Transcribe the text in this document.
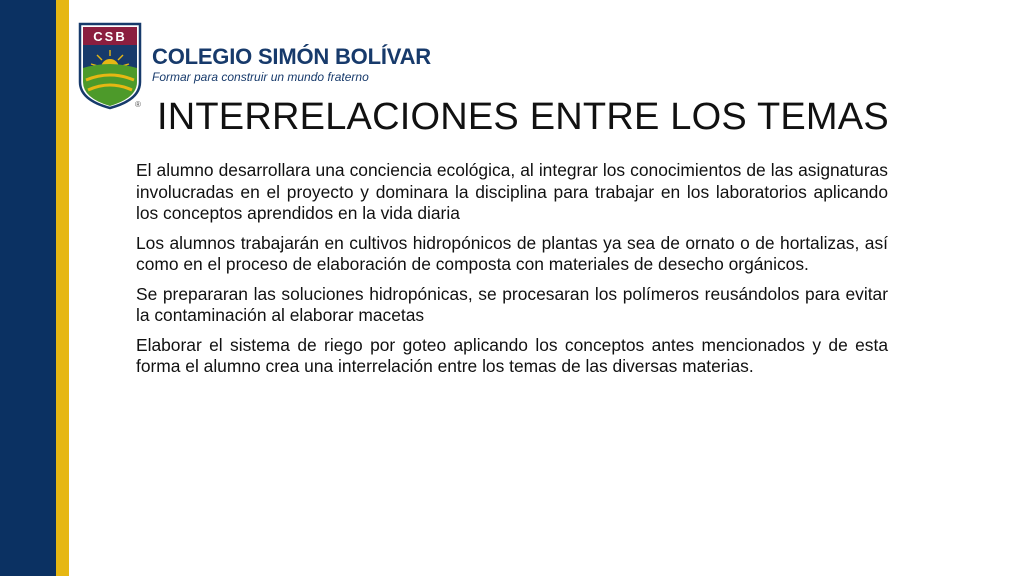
CSB
®
COLEGIO SIMÓN BOLÍVAR
Formar para construir un mundo fraterno
INTERRELACIONES ENTRE LOS TEMAS

El alumno desarrollara una conciencia ecológica, al integrar los conocimientos de las asignaturas involucradas en el proyecto y dominara la disciplina para trabajar en los laboratorios aplicando los conceptos aprendidos en la vida diaria

Los alumnos trabajarán en cultivos hidropónicos de plantas ya sea de ornato o de hortalizas, así como en el proceso de elaboración de composta con materiales de desecho orgánicos.

Se prepararan las soluciones hidropónicas, se procesaran los polímeros reusándolos para evitar la contaminación al elaborar macetas

Elaborar el sistema de riego por goteo aplicando los conceptos antes mencionados y de esta forma el alumno crea una interrelación entre los temas de las diversas materias.
